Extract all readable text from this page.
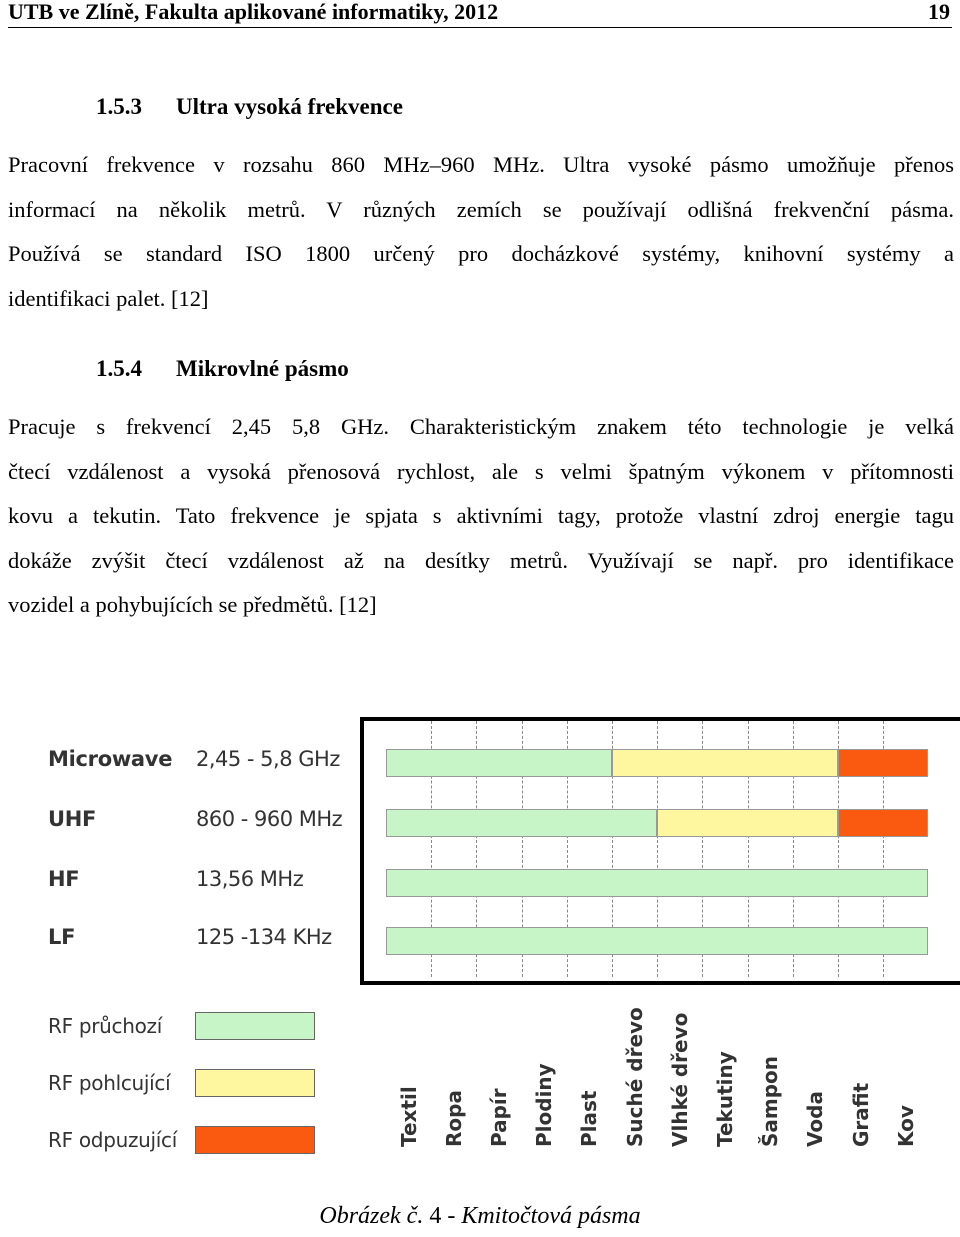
UTB ve Zlíně, Fakulta aplikované informatiky, 2012	19
1.5.3 Ultra vysoká frekvence
Pracovní frekvence v rozsahu 860 MHz–960 MHz. Ultra vysoké pásmo umožňuje přenos
informací na několik metrů. V různých zemích se používají odlišná frekvenční pásma.
Používá se standard ISO 1800 určený pro docházkové systémy, knihovní systémy a
identifikaci palet. [12]
1.5.4 Mikrovlné pásmo
Pracuje s frekvencí 2,45 5,8 GHz. Charakteristickým znakem této technologie je velká
čtecí vzdálenost a vysoká přenosová rychlost, ale s velmi špatným výkonem v přítomnosti
kovu a tekutin. Tato frekvence je spjata s aktivními tagy, protože vlastní zdroj energie tagu
dokáže zvýšit čtecí vzdálenost až na desítky metrů. Využívají se např. pro identifikace
vozidel a pohybujících se předmětů. [12]
Microwave 2,45 - 5,8 GHz
UHF	860 - 960 MHz
HF	13,56 MHz
LF	125 -134 KHz
RF průchozí
RF pohlcující
RF odpuzující	Textil Ropa Papír Plodiny Plast Suché dřevo Vlhké dřevo Tekutiny Šampon Voda Grafit Kov
Obrázek č. 4 - Kmitočtová pásma
